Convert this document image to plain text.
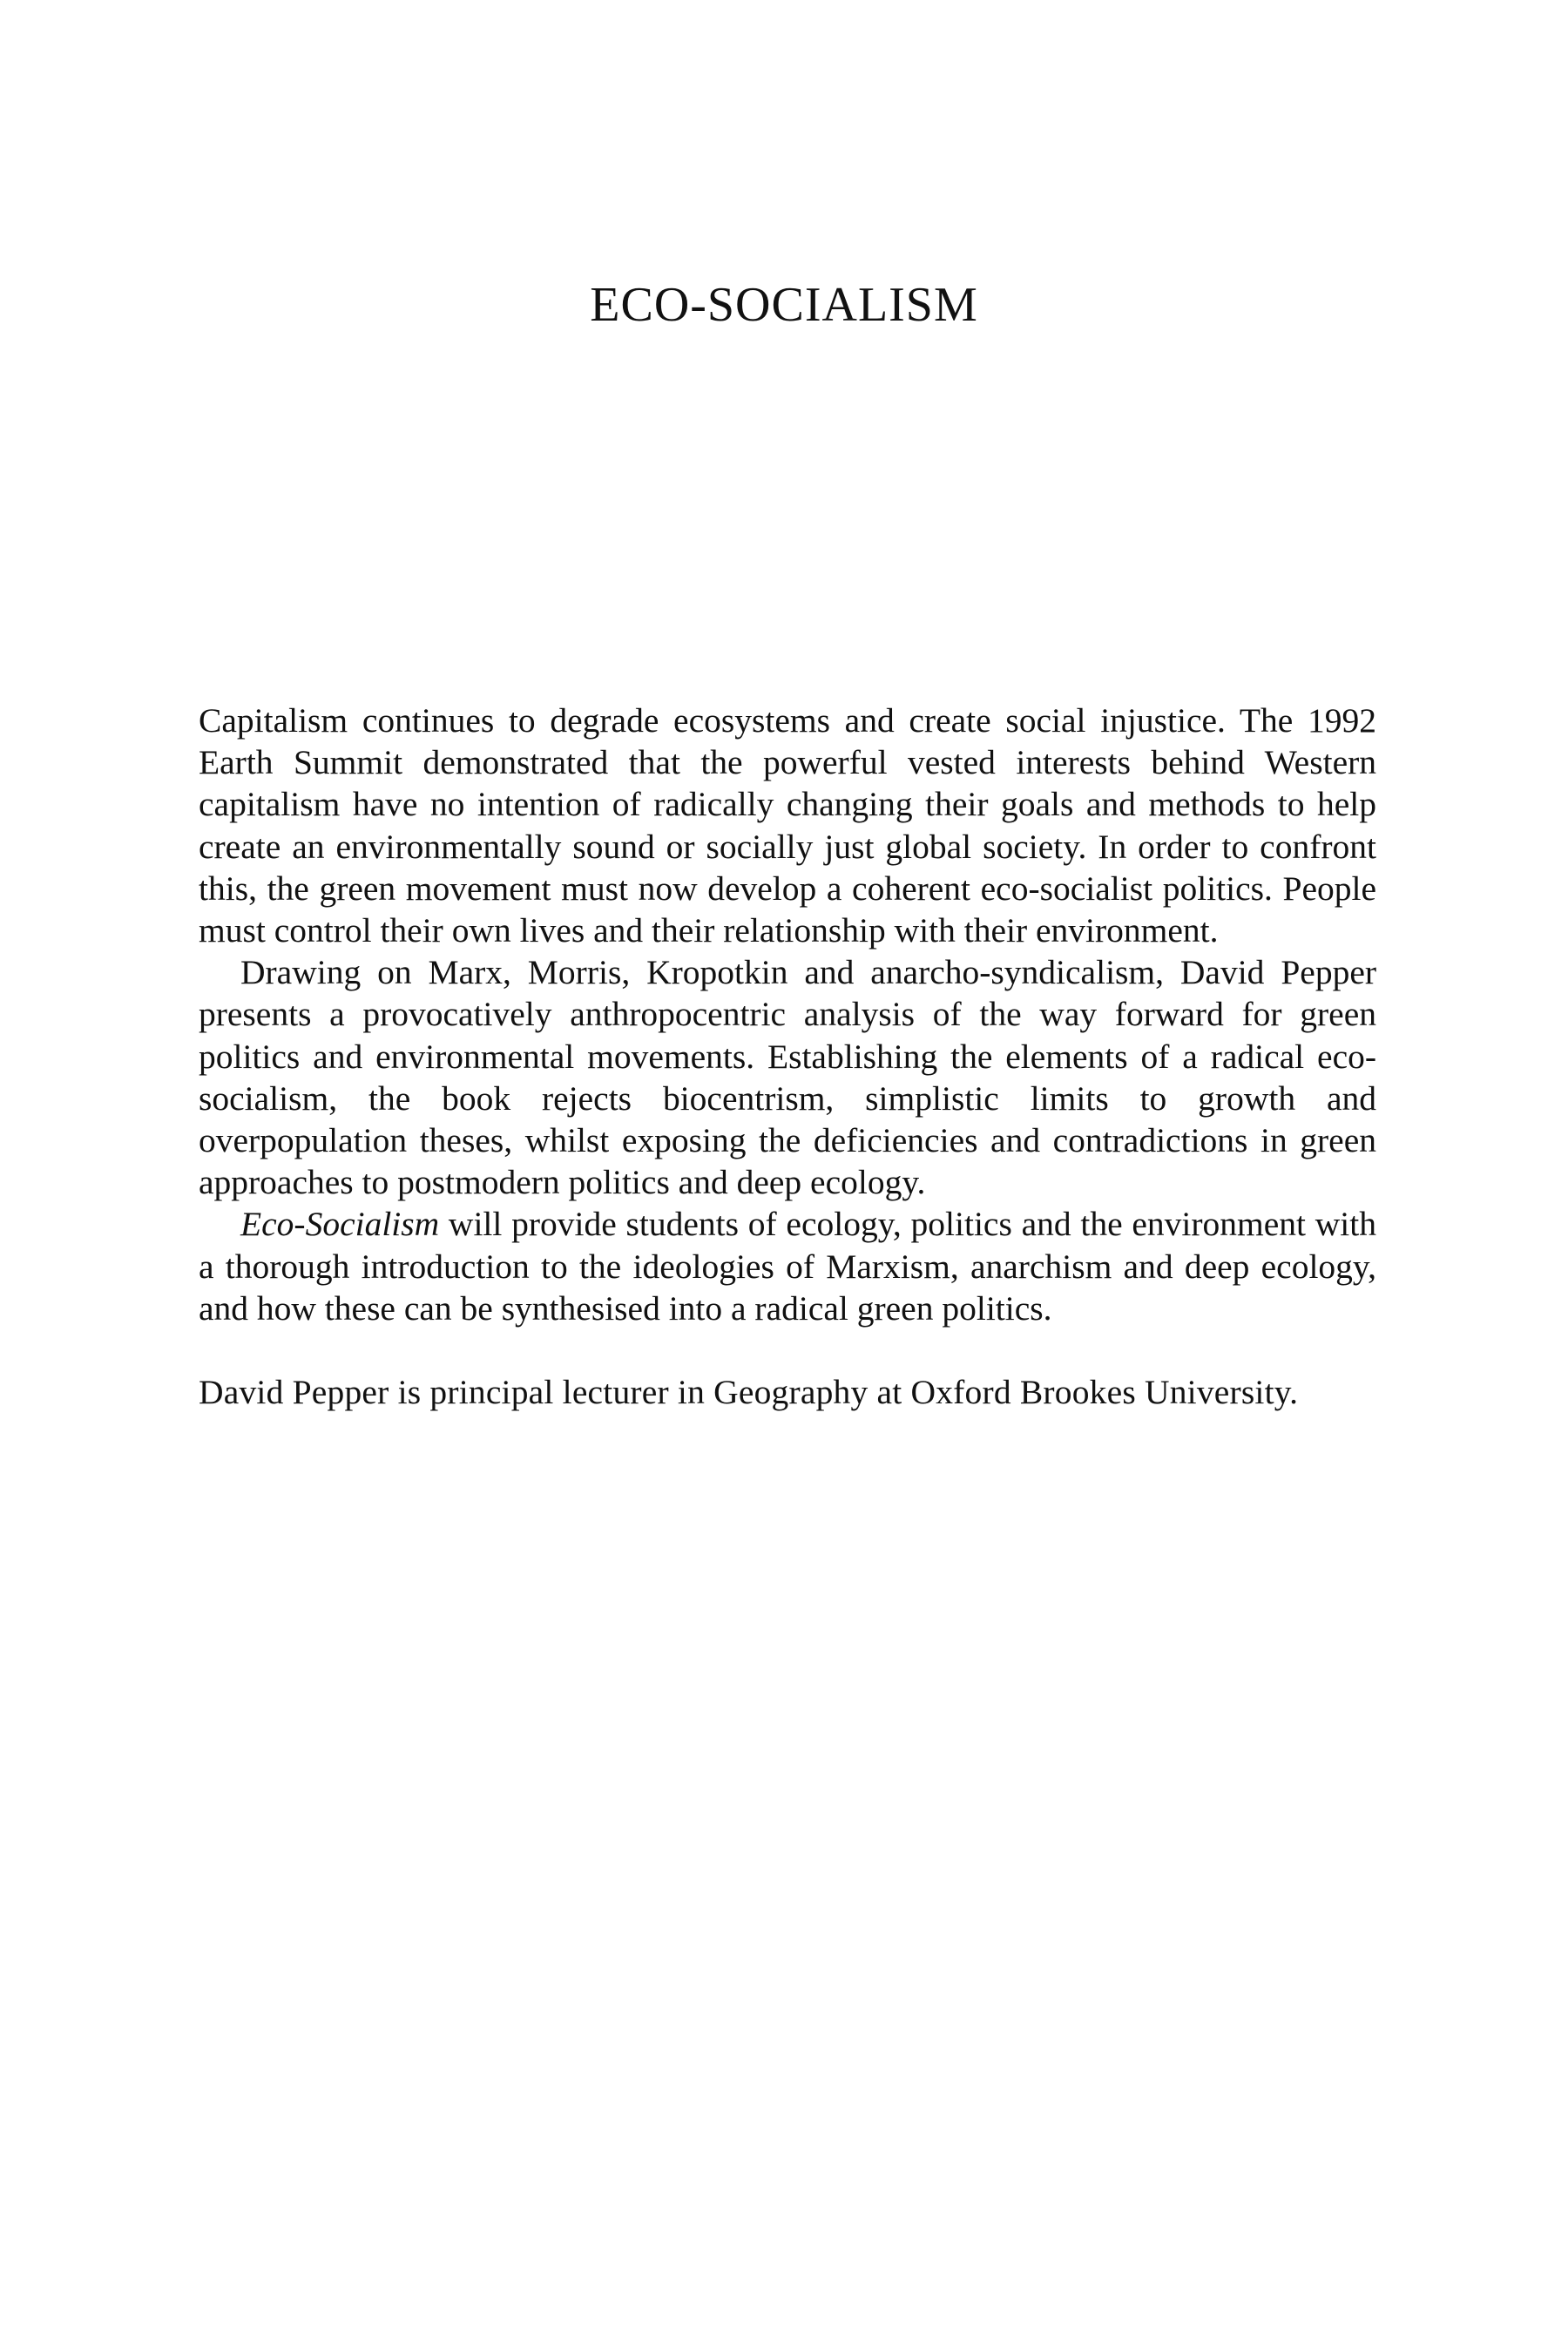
ECO-SOCIALISM

Capitalism continues to degrade ecosystems and create social injustice. The 1992 Earth Summit demonstrated that the powerful vested interests behind Western capitalism have no intention of radically changing their goals and methods to help create an environmentally sound or socially just global society. In order to confront this, the green movement must now develop a coherent eco-socialist politics. People must control their own lives and their relationship with their environment.

Drawing on Marx, Morris, Kropotkin and anarcho-syndicalism, David Pepper presents a provocatively anthropocentric analysis of the way forward for green politics and environmental movements. Establishing the elements of a radical eco-socialism, the book rejects biocentrism, simplistic limits to growth and overpopulation theses, whilst exposing the deficiencies and contradictions in green approaches to postmodern politics and deep ecology.

Eco-Socialism will provide students of ecology, politics and the environment with a thorough introduction to the ideologies of Marxism, anarchism and deep ecology, and how these can be synthesised into a radical green politics.

David Pepper is principal lecturer in Geography at Oxford Brookes University.
